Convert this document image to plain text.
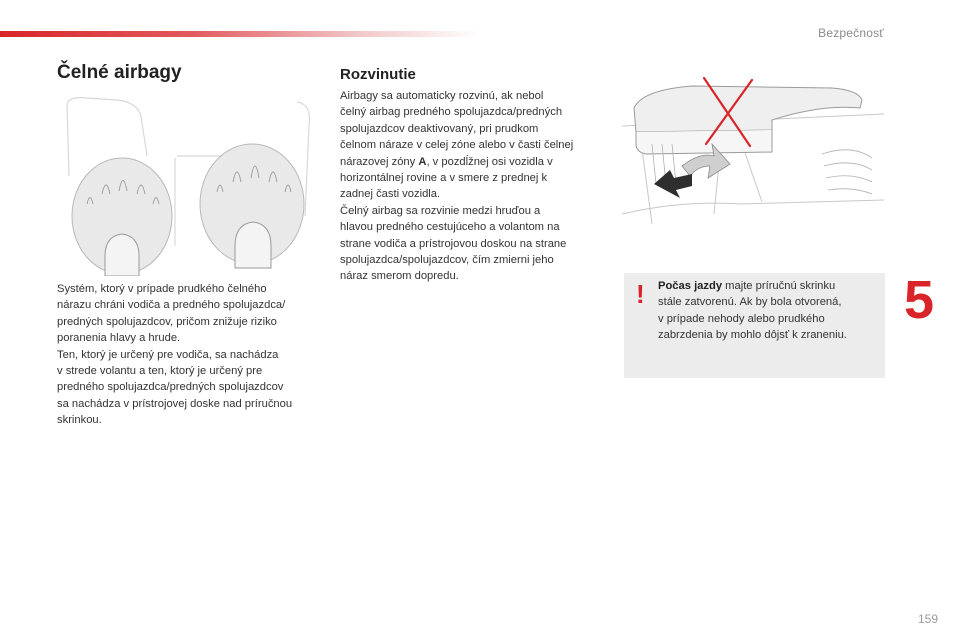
Bezpečnosť
Čelné airbagy

Systém, ktorý v prípade prudkého čelného
nárazu chráni vodiča a predného spolujazdca/
predných spolujazdcov, pričom znižuje riziko
poranenia hlavy a hrude.
Ten, ktorý je určený pre vodiča, sa nachádza
v strede volantu a ten, ktorý je určený pre
predného spolujazdca/predných spolujazdcov
sa nachádza v prístrojovej doske nad príručnou
skrinkou.

Rozvinutie

Airbagy sa automaticky rozvinú, ak nebol
čelný airbag predného spolujazdca/predných
spolujazdcov deaktivovaný, pri prudkom
čelnom náraze v celej zóne alebo v časti čelnej
nárazovej zóny A, v pozdĺžnej osi vozidla v
horizontálnej rovine a v smere z prednej k
zadnej časti vozidla.

Čelný airbag sa rozvinie medzi hruďou a
hlavou predného cestujúceho a volantom na
strane vodiča a prístrojovou doskou na strane
spolujazdca/spolujazdcov, čím zmierni jeho
náraz smerom dopredu.

! Počas jazdy majte príručnú skrinku
stále zatvorenú. Ak by bola otvorená,
v prípade nehody alebo prudkého
zabrzdenia by mohlo dôjsť k zraneniu.
5
159
